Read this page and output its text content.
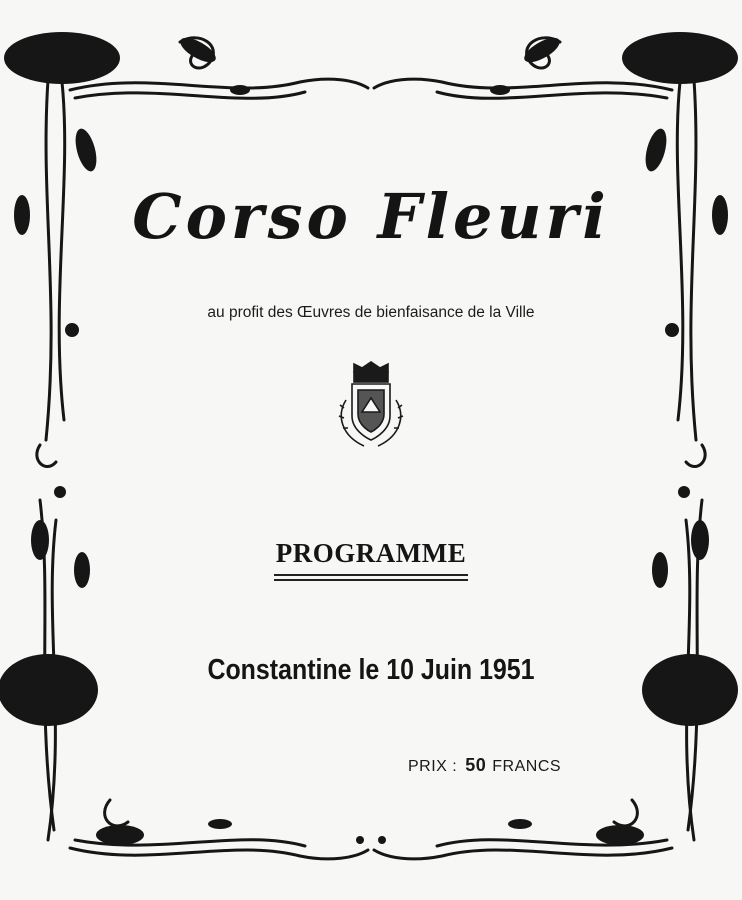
Corso Fleuri
au profit des Œuvres de bienfaisance de la Ville
PROGRAMME
Constantine le 10 Juin 1951
PRIX : 50 FRANCS
